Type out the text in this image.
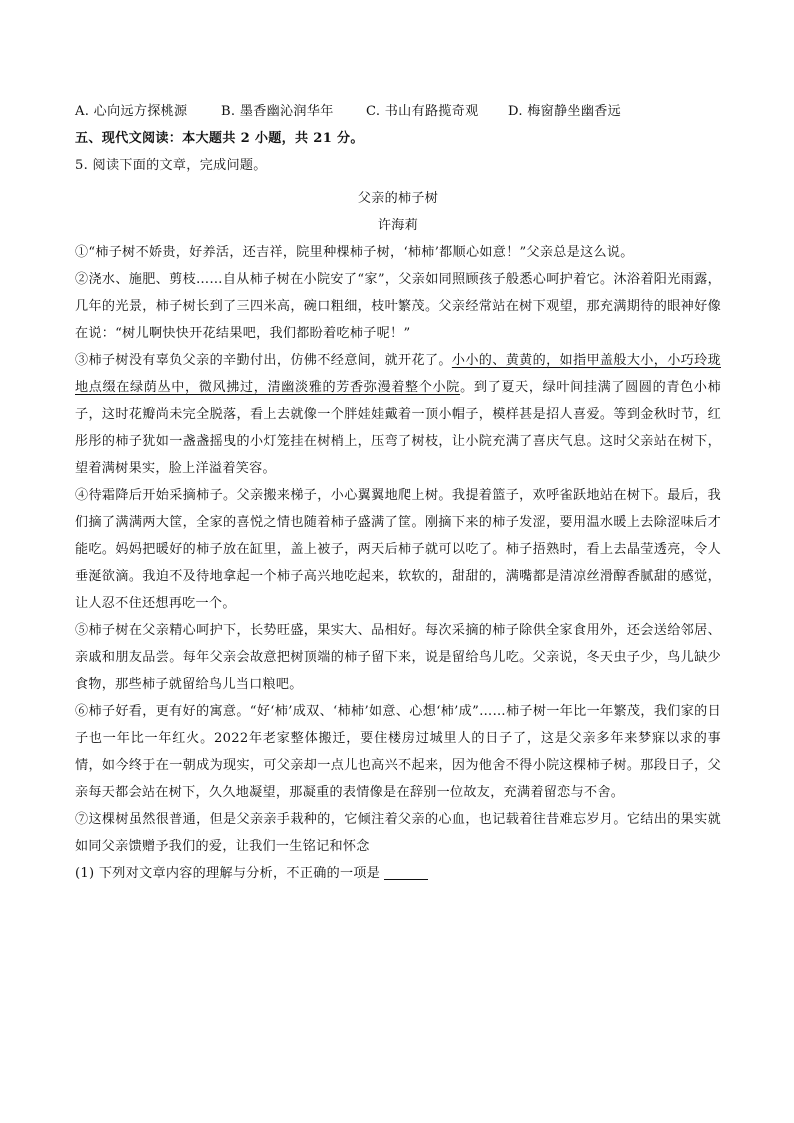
A. 心向远方探桃源	B. 墨香幽沁润华年 C. 书山有路揽奇观 D. 梅窗静坐幽香远
五、现代文阅读：本大题共 2 小题，共 21 分。
5. 阅读下面的文章，完成问题。
父亲的柿子树
许海莉
①“柿子树不娇贵，好养活，还吉祥，院里种棵柿子树，‘柿柿’都顺心如意！”父亲总是这么说。
②浇水、施肥、剪枝……自从柿子树在小院安了“家”，父亲如同照顾孩子般悉心呵护着它。沐浴着阳光雨露，几年的光景，柿子树长到了三四米高，碗口粗细，枝叶繁茂。父亲经常站在树下观望，那充满期待的眼神好像在说：“树儿啊快快开花结果吧，我们都盼着吃柿子呢！”
③柿子树没有辜负父亲的辛勤付出，仿佛不经意间，就开花了。小小的、黄黄的，如指甲盖般大小，小巧玲珑地点缀在绿荫丛中，微风拂过，清幽淡雅的芳香弥漫着整个小院。到了夏天，绿叶间挂满了圆圆的青色小柿子，这时花瓣尚未完全脱落，看上去就像一个胖娃娃戴着一顶小帽子，模样甚是招人喜爱。等到金秋时节，红彤彤的柿子犹如一盏盏摇曳的小灯笼挂在树梢上，压弯了树枝，让小院充满了喜庆气息。这时父亲站在树下，望着满树果实，脸上洋溢着笑容。
④待霜降后开始采摘柿子。父亲搬来梯子，小心翼翼地爬上树。我提着篮子，欢呼雀跃地站在树下。最后，我们摘了满满两大筐，全家的喜悦之情也随着柿子盛满了筐。刚摘下来的柿子发涩，要用温水暖上去除涩味后才能吃。妈妈把暖好的柿子放在缸里，盖上被子，两天后柿子就可以吃了。柿子捂熟时，看上去晶莹透亮，令人垂涎欲滴。我迫不及待地拿起一个柿子高兴地吃起来，软软的，甜甜的，满嘴都是清凉丝滑醇香腻甜的感觉，让人忍不住还想再吃一个。
⑤柿子树在父亲精心呵护下，长势旺盛，果实大、品相好。每次采摘的柿子除供全家食用外，还会送给邻居、亲戚和朋友品尝。每年父亲会故意把树顶端的柿子留下来，说是留给鸟儿吃。父亲说，冬天虫子少，鸟儿缺少食物，那些柿子就留给鸟儿当口粮吧。
⑥柿子好看，更有好的寓意。“好‘柿’成双、‘柿柿’如意、心想‘柿’成”……柿子树一年比一年繁茂，我们家的日子也一年比一年红火。2022年老家整体搬迁，要住楼房过城里人的日子了，这是父亲多年来梦寐以求的事情，如今终于在一朝成为现实，可父亲却一点儿也高兴不起来，因为他舍不得小院这棵柿子树。那段日子，父亲每天都会站在树下，久久地凝望，那凝重的表情像是在辞别一位故友，充满着留恋与不舍。
⑦这棵树虽然很普通，但是父亲亲手栽种的，它倾注着父亲的心血，也记载着往昔难忘岁月。它结出的果实就如同父亲馈赠予我们的爱，让我们一生铭记和怀念
(1) 下列对文章内容的理解与分析，不正确的一项是
